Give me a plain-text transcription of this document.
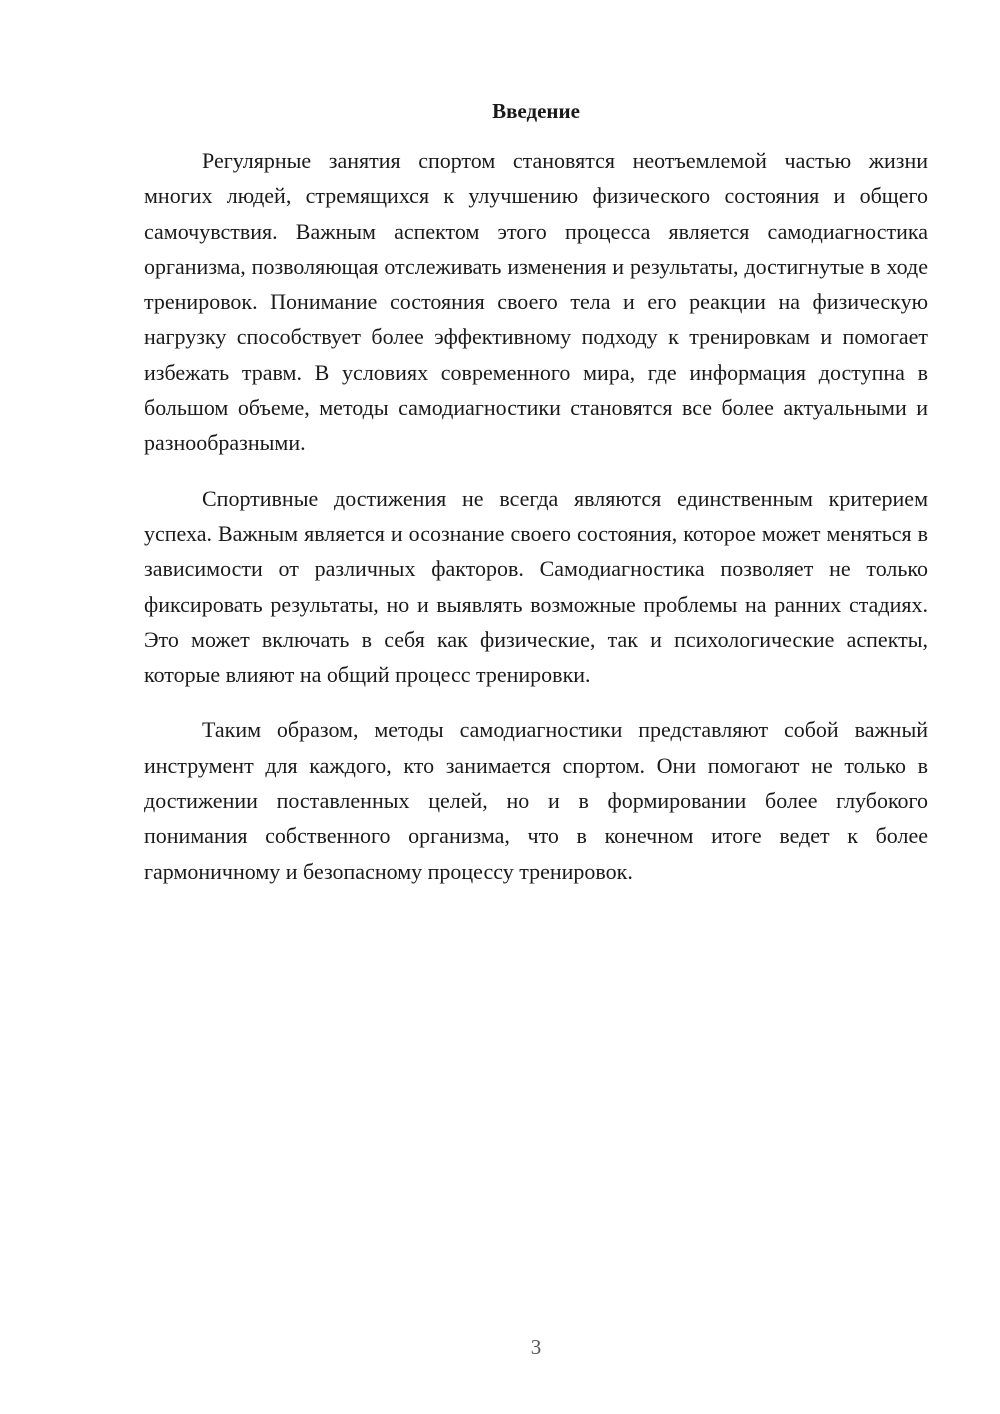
Введение

Регулярные занятия спортом становятся неотъемлемой частью жизни многих людей, стремящихся к улучшению физического состояния и общего самочувствия. Важным аспектом этого процесса является самодиагностика организма, позволяющая отслеживать изменения и результаты, достигнутые в ходе тренировок. Понимание состояния своего тела и его реакции на физическую нагрузку способствует более эффективному подходу к тренировкам и помогает избежать травм. В условиях современного мира, где информация доступна в большом объеме, методы самодиагностики становятся все более актуальными и разнообразными.

Спортивные достижения не всегда являются единственным критерием успеха. Важным является и осознание своего состояния, которое может меняться в зависимости от различных факторов. Самодиагностика позволяет не только фиксировать результаты, но и выявлять возможные проблемы на ранних стадиях. Это может включать в себя как физические, так и психологические аспекты, которые влияют на общий процесс тренировки.

Таким образом, методы самодиагностики представляют собой важный инструмент для каждого, кто занимается спортом. Они помогают не только в достижении поставленных целей, но и в формировании более глубокого понимания собственного организма, что в конечном итоге ведет к более гармоничному и безопасному процессу тренировок.

3
